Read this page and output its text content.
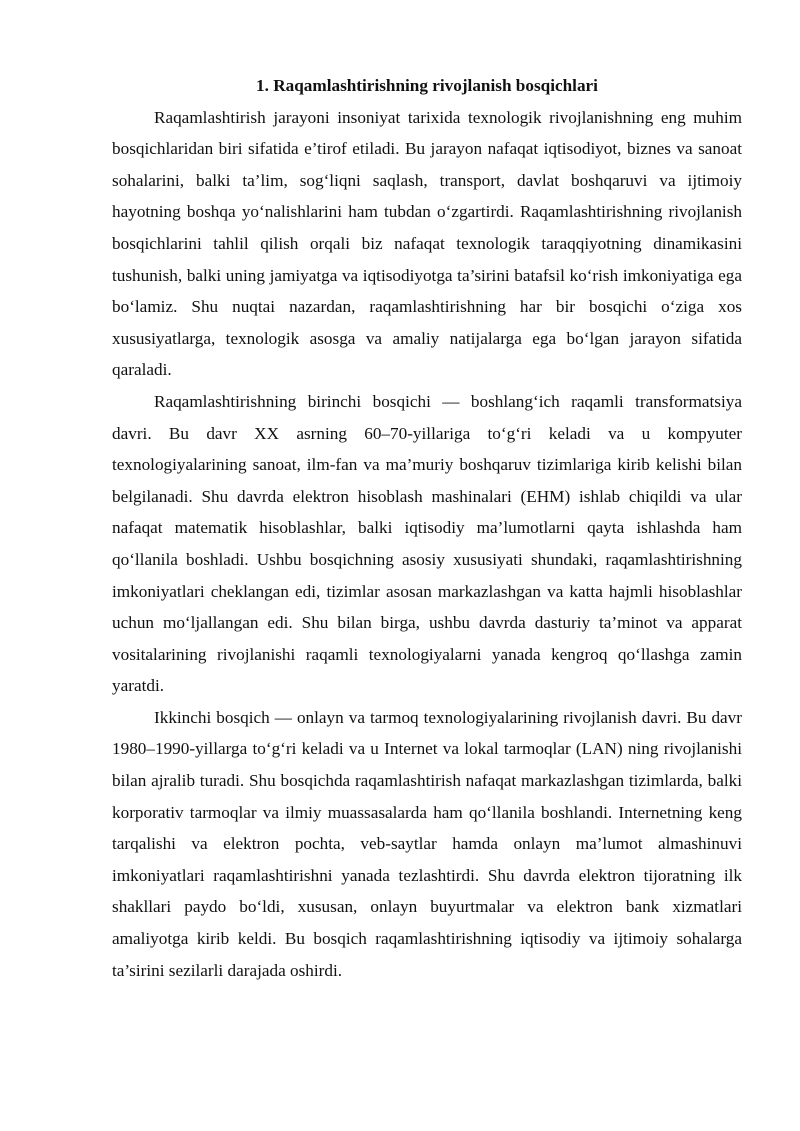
1. Raqamlashtirishning rivojlanish bosqichlari

Raqamlashtirish jarayoni insoniyat tarixida texnologik rivojlanishning eng muhim bosqichlaridan biri sifatida e’tirof etiladi. Bu jarayon nafaqat iqtisodiyot, biznes va sanoat sohalarini, balki ta’lim, sog‘liqni saqlash, transport, davlat boshqaruvi va ijtimoiy hayotning boshqa yo‘nalishlarini ham tubdan o‘zgartirdi. Raqamlashtirishning rivojlanish bosqichlarini tahlil qilish orqali biz nafaqat texnologik taraqqiyotning dinamikasini tushunish, balki uning jamiyatga va iqtisodiyotga ta’sirini batafsil ko‘rish imkoniyatiga ega bo‘lamiz. Shu nuqtai nazardan, raqamlashtirishning har bir bosqichi o‘ziga xos xususiyatlarga, texnologik asosga va amaliy natijalarga ega bo‘lgan jarayon sifatida qaraladi.

Raqamlashtirishning birinchi bosqichi — boshlang‘ich raqamli transformatsiya davri. Bu davr XX asrning 60–70-yillariga to‘g‘ri keladi va u kompyuter texnologiyalarining sanoat, ilm-fan va ma’muriy boshqaruv tizimlariga kirib kelishi bilan belgilanadi. Shu davrda elektron hisoblash mashinalari (EHM) ishlab chiqildi va ular nafaqat matematik hisoblashlar, balki iqtisodiy ma’lumotlarni qayta ishlashda ham qo‘llanila boshladi. Ushbu bosqichning asosiy xususiyati shundaki, raqamlashtirishning imkoniyatlari cheklangan edi, tizimlar asosan markazlashgan va katta hajmli hisoblashlar uchun mo‘ljallangan edi. Shu bilan birga, ushbu davrda dasturiy ta’minot va apparat vositalarining rivojlanishi raqamli texnologiyalarni yanada kengroq qo‘llashga zamin yaratdi.

Ikkinchi bosqich — onlayn va tarmoq texnologiyalarining rivojlanish davri. Bu davr 1980–1990-yillarga to‘g‘ri keladi va u Internet va lokal tarmoqlar (LAN) ning rivojlanishi bilan ajralib turadi. Shu bosqichda raqamlashtirish nafaqat markazlashgan tizimlarda, balki korporativ tarmoqlar va ilmiy muassasalarda ham qo‘llanila boshlandi. Internetning keng tarqalishi va elektron pochta, veb-saytlar hamda onlayn ma’lumot almashinuvi imkoniyatlari raqamlashtirishni yanada tezlashtirdi. Shu davrda elektron tijoratning ilk shakllari paydo bo‘ldi, xususan, onlayn buyurtmalar va elektron bank xizmatlari amaliyotga kirib keldi. Bu bosqich raqamlashtirishning iqtisodiy va ijtimoiy sohalarga ta’sirini sezilarli darajada oshirdi.
